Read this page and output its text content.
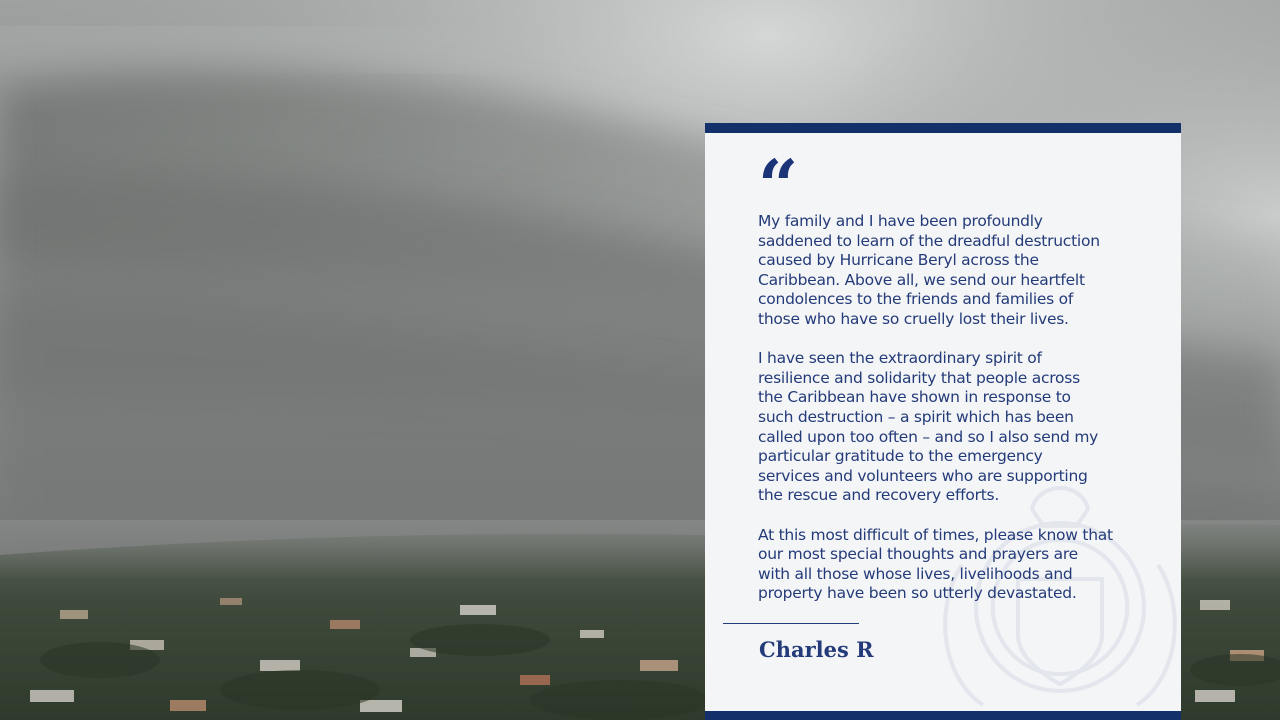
“

My family and I have been profoundly
saddened to learn of the dreadful destruction
caused by Hurricane Beryl across the
Caribbean. Above all, we send our heartfelt
condolences to the friends and families of
those who have so cruelly lost their lives.

I have seen the extraordinary spirit of
resilience and solidarity that people across
the Caribbean have shown in response to
such destruction – a spirit which has been
called upon too often – and so I also send my
particular gratitude to the emergency
services and volunteers who are supporting
the rescue and recovery efforts.

At this most difficult of times, please know that
our most special thoughts and prayers are
with all those whose lives, livelihoods and
property have been so utterly devastated.

Charles R
